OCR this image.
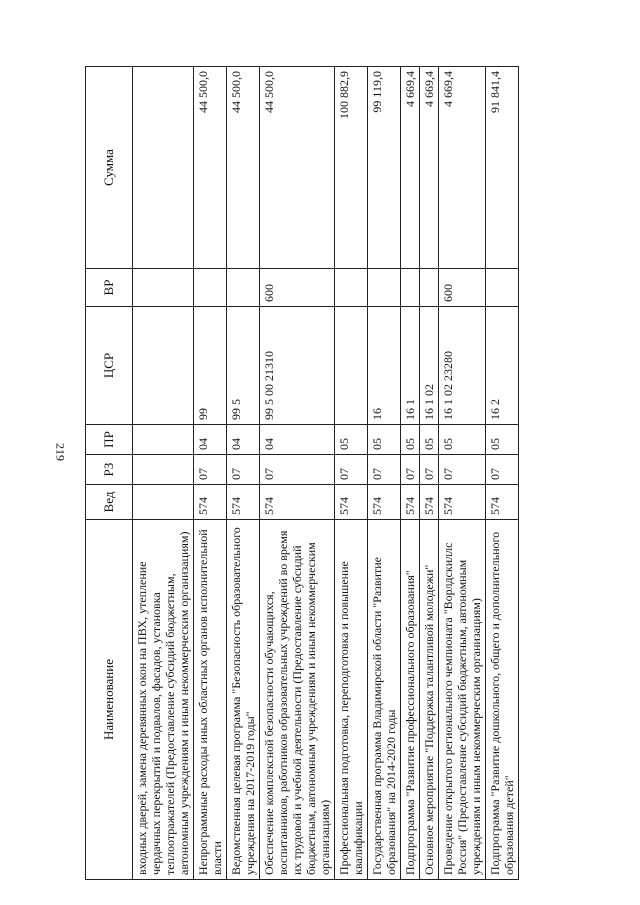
219
Наименование	Вед	РЗ	ПР	ЦСР	ВР	Сумма
входных дверей, замена деревянных окон на ПВХ, утепление чердачных перекрытий и подвалов, фасадов, установка теплоотражателей (Предоставление субсидий бюджетным, автономным учреждениям и иным некоммерческим организациям)						
Непрограммные расходы иных областных органов исполнительной власти	574	07	04	99		44 500,0
Ведомственная целевая программа "Безопасность образовательного учреждения на 2017-2019 годы"	574	07	04	99 5		44 500,0
Обеспечение комплексной безопасности обучающихся, воспитанников, работников образовательных учреждений во время их трудовой и учебной деятельности (Предоставление субсидий бюджетным, автономным учреждениям и иным некоммерческим организациям)	574	07	04	99 5 00 21310	600	44 500,0
Профессиональная подготовка, переподготовка и повышение квалификации	574	07	05			100 882,9
Государственная программа Владимирской области "Развитие образования" на 2014-2020 годы	574	07	05	16		99 119,0
Подпрограмма "Развитие профессионального образования"	574	07	05	16 1		4 669,4
Основное мероприятие "Поддержка талантливой молодежи"	574	07	05	16 1 02		4 669,4
Проведение открытого регионального чемпионата "Ворлдскиллс Россия" (Предоставление субсидий бюджетным, автономным учреждениям и иным некоммерческим организациям)	574	07	05	16 1 02 23280	600	4 669,4
Подпрограмма "Развитие дошкольного, общего и дополнительного образования детей"	574	07	05	16 2		91 841,4
